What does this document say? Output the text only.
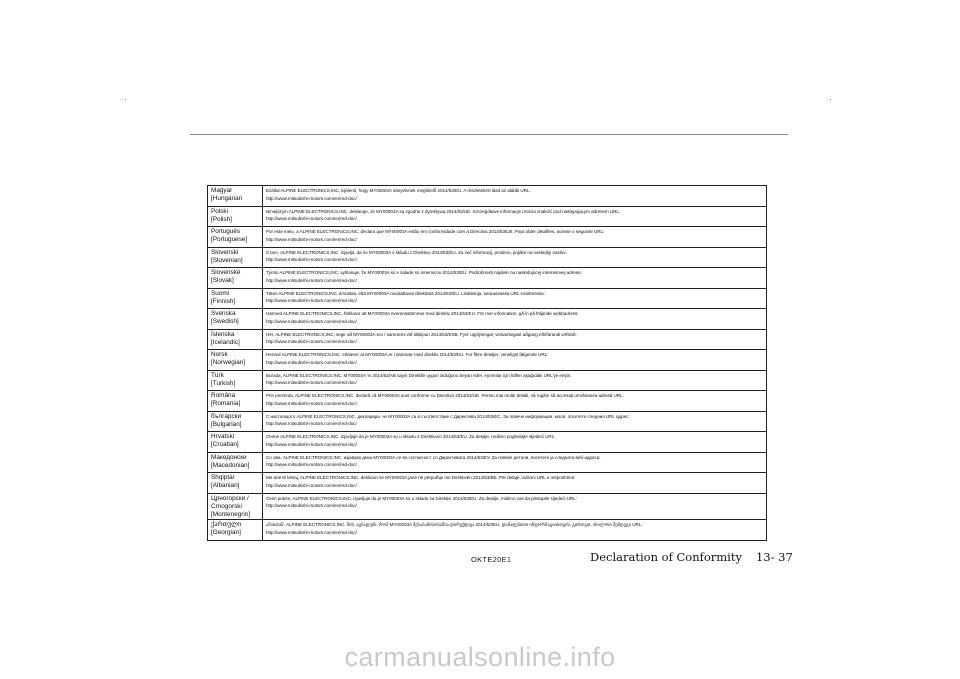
Magyar
[Hungarian	Ezáltal ALPINE ELECTRONICS,INC. kijelenti, hogy MY00003A irányelvnek megfelelő 2014/53/EU. A részletekért lásd az alábbi URL:
http://www.mitsubishi-motors.com/en/red-doc/

Polski
[Polish]	Niniejszym ALPINE ELECTRONICS,INC. deklaruje, że MY00003A są zgodne z dyrektywą 2014/53/UE. Szczegółowe informacje można znaleźć pod następującym adresem URL:
http://www.mitsubishi-motors.com/en/red-doc/

Português
[Portuguese]	Por este meio, a ALPINE ELECTRONICS,INC. declara que MY00003A estão em conformidade com a Directiva 2014/53/UE. Para obter detalhes, acesse o seguinte URL:
http://www.mitsubishi-motors.com/en/red-doc/

Slovenski
[Slovenian]	S tem, ALPINE ELECTRONICS,INC. izjavlja, da so MY00003A v skladu z Direktivo 2014/53/EU. Za več informacij, prosimo, pojdite na naslednji naslov:
http://www.mitsubishi-motors.com/en/red-doc/

Slovenské
[Slovak]	Týmto ALPINE ELECTRONICS,INC. vyhlasuje, že MY00003A sú v súlade so smernicou 2014/53/EÚ. Podrobnosti nájdete na nasledujúcej internetovej adrese:
http://www.mitsubishi-motors.com/en/red-doc/

Suomi
[Finnish]	Täten ALPINE ELECTRONICS,INC. ilmoittaa, että MY00003A noudattavat direktiiviä 2014/53/EU. Lisätietoja, seuraavassa URL-osoitteessa:
http://www.mitsubishi-motors.com/en/red-doc/

Svenska
[Swedish]	Härmed ALPINE ELECTRONICS,INC. förklarar att MY00003A överensstämmer med direktiv 2014/53/EU. För mer information, gå in på följande webbadress:
http://www.mitsubishi-motors.com/en/red-doc/

Íslenska
[Icelandic]	Hér, ALPINE ELECTRONICS,INC. segir að MY00003A eru í samræmi við tilskipun 2014/53/ESB. Fyrir upplýsingar, vinsamlegast aðgang eftirfarandi vefslóð:
http://www.mitsubishi-motors.com/en/red-doc/

Norsk
[Norwegian]	Herved ALPINE ELECTRONICS,INC. erklærer at MY00003A er i samsvar med direktiv 2014/53/EU. For flere detaljer, vennligst følgende URL:
http://www.mitsubishi-motors.com/en/red-doc/

Türk
[Turkish]	Burada, ALPINE ELECTRONICS,INC. MY00003A 'in 2014/53/AB sayılı Direktife uygun olduğunu beyan eder. Ayrıntılar için lütfen aşağıdaki URL'ye erişin:
http://www.mitsubishi-motors.com/en/red-doc/

Româna
[Romania]	Prin prezenta, ALPINE ELECTRONICS,INC. declară că MY00003A sunt conforme cu Directiva 2014/53/UE. Pentru mai multe detalii, vă rugăm să accesați următoarea adresă URL:
http://www.mitsubishi-motors.com/en/red-doc/

български
[Bulgarian]	С настоящото ALPINE ELECTRONICS,INC. декларира, че MY00003A са в съответствие с Директива 2014/53/ЕС. За повече информация, моля, посетете следния URL адрес:
http://www.mitsubishi-motors.com/en/red-doc/

Hrvatski
[Croatian]	Ovime ALPINE ELECTRONICS,INC. izjavljuje da je MY00003A su u skladu s Direktivom 2014/53/EU. Za detalje, molimo pogledajte sljedeći URL:
http://www.mitsubishi-motors.com/en/red-doc/

Македонски
[Macedonian]	Со ова, ALPINE ELECTRONICS,INC. изјавува дека MY00003A се во согласност со Директивата 2014/53/ЕУ. За повеќе детали, посетете ја следната веб-адреса:
http://www.mitsubishi-motors.com/en/red-doc/

Shqiptar
[Albanian]	Me anë të kësaj, ALPINE ELECTRONICS,INC. deklaron se MY00003A janë në përputhje me Direktivën 2014/53/BE. Për detaje, vizitoni URL e mëposhtme:
http://www.mitsubishi-motors.com/en/red-doc/

Црногорски /
Crnogorski
[Montenegrin]	Ovim putem, ALPINE ELECTRONICS,INC. izjavljuje da je MY00003A su u skladu sa Direktivi 2014/53/EU. Za detalje, molimo vas da pristupite sljedeći URL:
http://www.mitsubishi-motors.com/en/red-doc/

ქართული
[Georgian]	ამასთან, ALPINE ELECTRONICS,INC. მიხ, აცხადებს, რომ MY00003A შესაბამისობაშია დირექტივა 2014/53/EU. დამატებითი ინფორმაციისთვის, გთხოვთ, იხილოთ შემდეგი URL:
http://www.mitsubishi-motors.com/en/red-doc/
OKTE20E1	Declaration of Conformity 13- 37
carmanualsonline.info
